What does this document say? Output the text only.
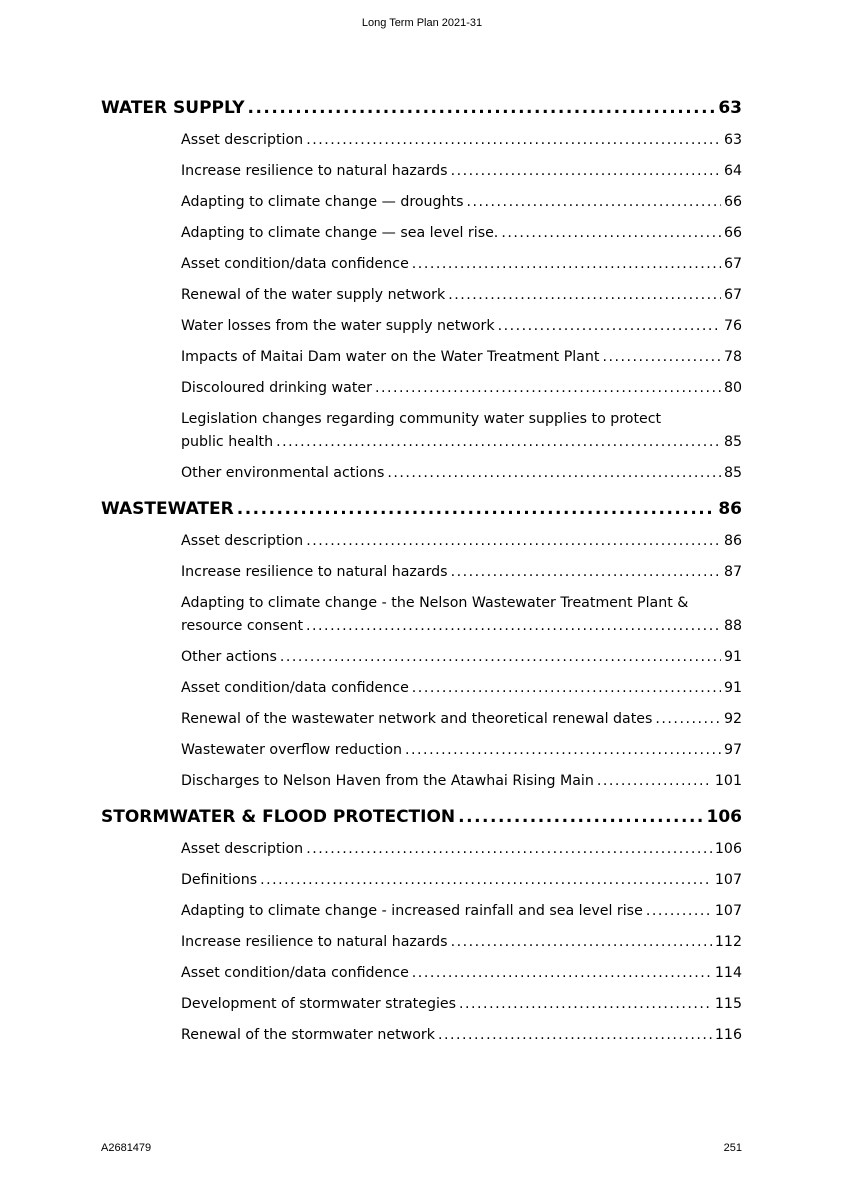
Long Term Plan 2021-31
WATER SUPPLY .....	63
Asset description .....	63
Increase resilience to natural hazards .....	64
Adapting to climate change — droughts .....	66
Adapting to climate change — sea level rise. .....	66
Asset condition/data confidence .....	67
Renewal of the water supply network .....	67
Water losses from the water supply network .....	76
Impacts of Maitai Dam water on the Water Treatment Plant .....	78
Discoloured drinking water .....	80
Legislation changes regarding community water supplies to protect
public health .....	85
Other environmental actions .....	85
WASTEWATER .....	86
Asset description .....	86
Increase resilience to natural hazards .....	87
Adapting to climate change - the Nelson Wastewater Treatment Plant &
resource consent .....	88
Other actions .....	91
Asset condition/data confidence .....	91
Renewal of the wastewater network and theoretical renewal dates .....	92
Wastewater overflow reduction .....	97
Discharges to Nelson Haven from the Atawhai Rising Main .....	101
STORMWATER & FLOOD PROTECTION .....	106
Asset description .....	106
Definitions .....	107
Adapting to climate change - increased rainfall and sea level rise .....	107
Increase resilience to natural hazards .....	112
Asset condition/data confidence .....	114
Development of stormwater strategies .....	115
Renewal of the stormwater network .....	116
A2681479	251
